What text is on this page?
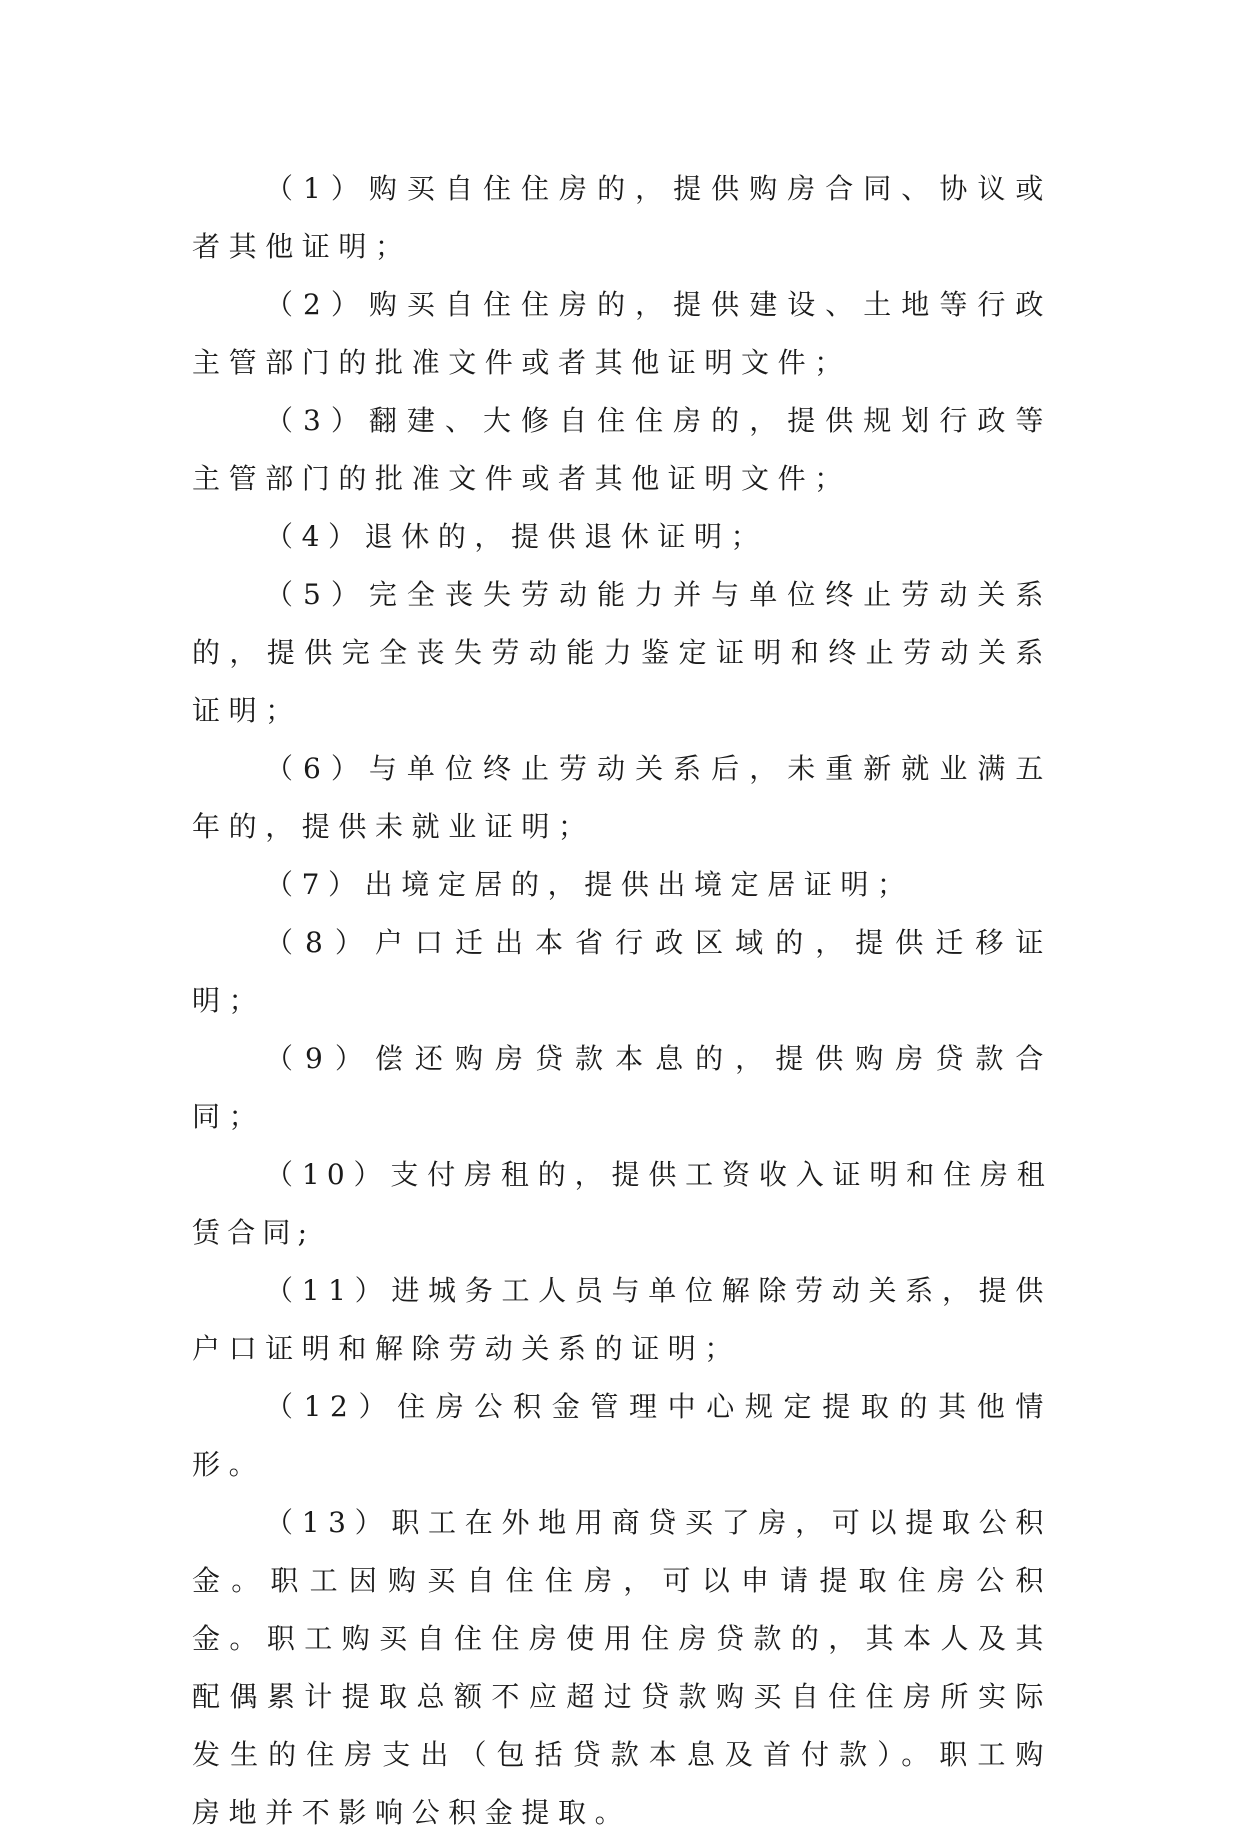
（1）购买自住住房的，提供购房合同、协议或者其他证明；

（2）购买自住住房的，提供建设、土地等行政主管部门的批准文件或者其他证明文件；

（3）翻建、大修自住住房的，提供规划行政等主管部门的批准文件或者其他证明文件；

（4）退休的，提供退休证明；

（5）完全丧失劳动能力并与单位终止劳动关系的，提供完全丧失劳动能力鉴定证明和终止劳动关系证明；

（6）与单位终止劳动关系后，未重新就业满五年的，提供未就业证明；

（7）出境定居的，提供出境定居证明；

（8）户口迁出本省行政区域的，提供迁移证明；

（9）偿还购房贷款本息的，提供购房贷款合同；

（10）支付房租的，提供工资收入证明和住房租赁合同;

（11）进城务工人员与单位解除劳动关系，提供户口证明和解除劳动关系的证明；

（12）住房公积金管理中心规定提取的其他情形。

（13）职工在外地用商贷买了房，可以提取公积金。职工因购买自住住房，可以申请提取住房公积金。职工购买自住住房使用住房贷款的，其本人及其配偶累计提取总额不应超过贷款购买自住住房所实际发生的住房支出（包括贷款本息及首付款）。职工购房地并不影响公积金提取。
